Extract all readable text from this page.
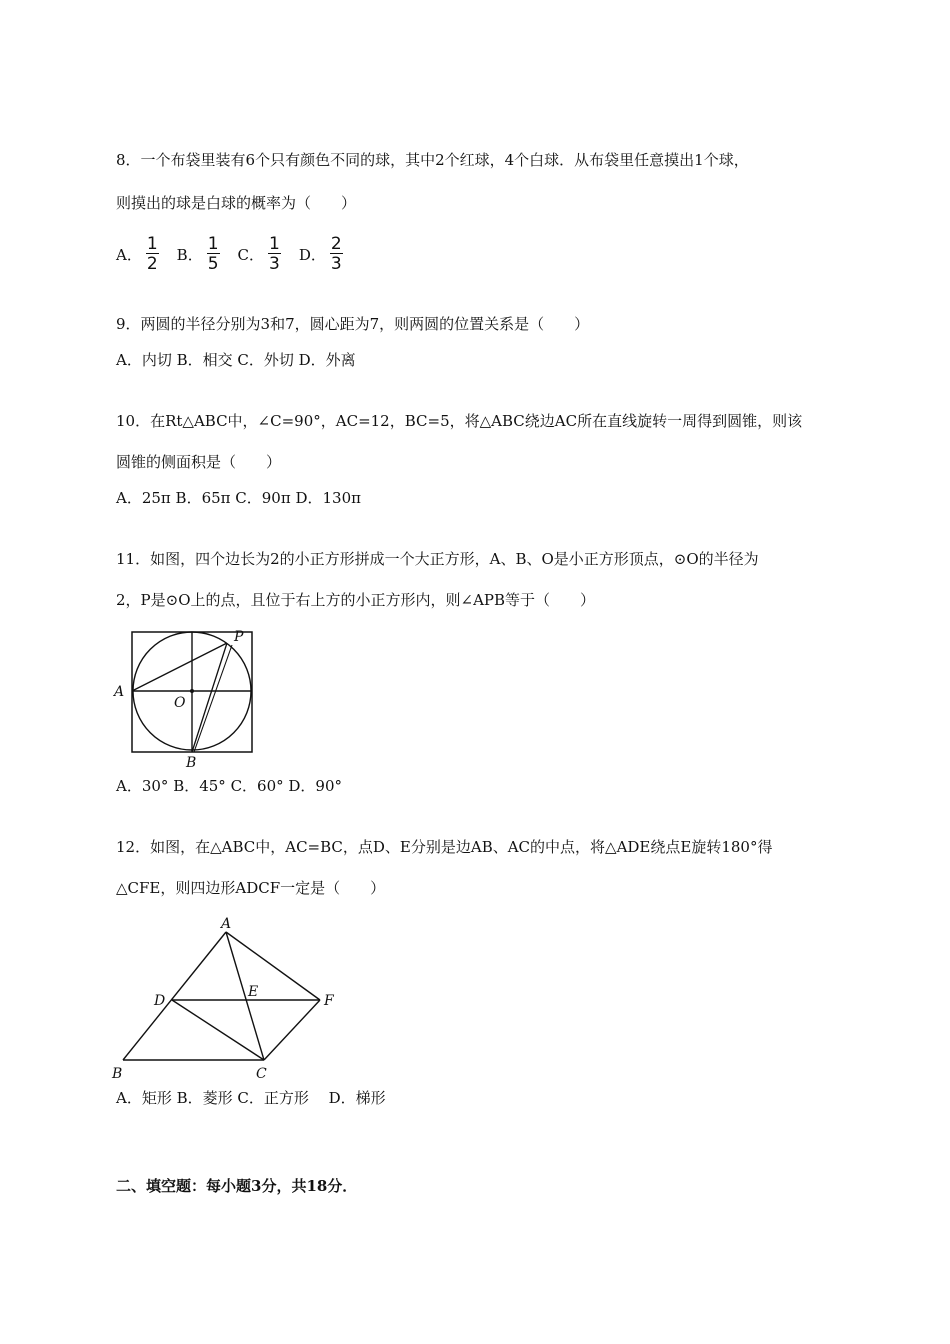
8．一个布袋里装有6个只有颜色不同的球，其中2个红球，4个白球．从布袋里任意摸出1个球，
则摸出的球是白球的概率为（　　）
A． $\frac{1}{2}$ B． $\frac{1}{5}$ C． $\frac{1}{3}$ D． $\frac{2}{3}$
9．两圆的半径分别为3和7，圆心距为7，则两圆的位置关系是（　　）
A．内切 B．相交 C．外切 D．外离
10．在Rt△ABC中，∠C=90°，AC=12，BC=5，将△ABC绕边AC所在直线旋转一周得到圆锥，则该
圆锥的侧面积是（　　）
A．25π B．65π C．90π D．130π
11．如图，四个边长为2的小正方形拼成一个大正方形，A、B、O是小正方形顶点，⊙O的半径为
2，P是⊙O上的点，且位于右上方的小正方形内，则∠APB等于（　　）
A
P
O
B
A．30° B．45° C．60° D．90°
12．如图，在△ABC中，AC=BC，点D、E分别是边AB、AC的中点，将△ADE绕点E旋转180°得
△CFE，则四边形ADCF一定是（　　）
A
D
E
F
B	C
A．矩形 B．菱形 C．正方形　 D．梯形
二、填空题：每小题3分，共18分．
